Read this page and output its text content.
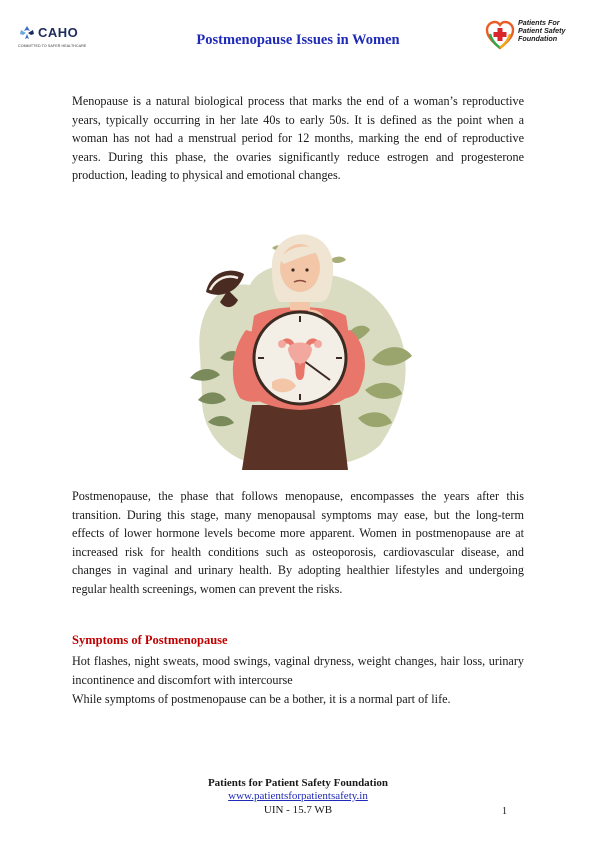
CAHO
COMMITTED TO SAFER HEALTHCARE	Postmenopause Issues in Women
Patients For
Patient Safety
Foundation

Menopause is a natural biological process that marks the end of a woman’s reproductive years, typically occurring in her late 40s to early 50s. It is defined as the point when a woman has not had a menstrual period for 12 months, marking the end of reproductive years. During this phase, the ovaries significantly reduce estrogen and progesterone production, leading to physical and emotional changes.

Postmenopause, the phase that follows menopause, encompasses the years after this transition. During this stage, many menopausal symptoms may ease, but the long-term effects of lower hormone levels become more apparent. Women in postmenopause are at increased risk for health conditions such as osteoporosis, cardiovascular disease, and changes in vaginal and urinary health. By adopting healthier lifestyles and undergoing regular health screenings, women can prevent the risks.

Symptoms of Postmenopause

Hot flashes, night sweats, mood swings, vaginal dryness, weight changes, hair loss, urinary incontinence and discomfort with intercourse

While symptoms of postmenopause can be a bother, it is a normal part of life.

Patients for Patient Safety Foundation
www.patientsforpatientsafety.in
UIN - 15.7 WB	1
